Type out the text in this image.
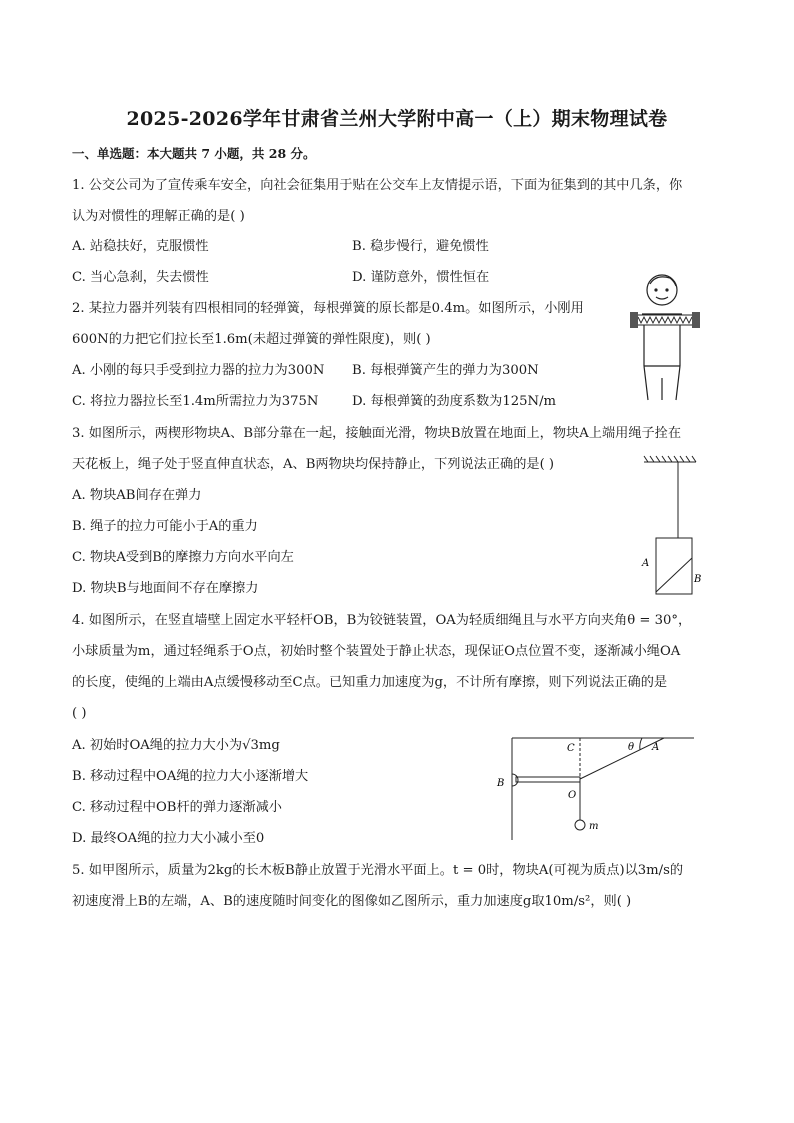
2025-2026学年甘肃省兰州大学附中高一（上）期末物理试卷
一、单选题：本大题共 7 小题，共 28 分。
1. 公交公司为了宣传乘车安全，向社会征集用于贴在公交车上友情提示语，下面为征集到的其中几条，你
认为对惯性的理解正确的是( )
A. 站稳扶好，克服惯性	B. 稳步慢行，避免惯性
C. 当心急刹，失去惯性	D. 谨防意外，惯性恒在
2. 某拉力器并列装有四根相同的轻弹簧，每根弹簧的原长都是0.4m。如图所示，小刚用
600N的力把它们拉长至1.6m(未超过弹簧的弹性限度)，则( )
A. 小刚的每只手受到拉力器的拉力为300N B. 每根弹簧产生的弹力为300N
C. 将拉力器拉长至1.4m所需拉力为375N	D. 每根弹簧的劲度系数为125N/m
3. 如图所示，两楔形物块A、B部分靠在一起，接触面光滑，物块B放置在地面上，物块A上端用绳子拴在
天花板上，绳子处于竖直伸直状态，A、B两物块均保持静止，下列说法正确的是( )
A. 物块AB间存在弹力
B. 绳子的拉力可能小于A的重力
C. 物块A受到B的摩擦力方向水平向左
D. 物块B与地面间不存在摩擦力
A
B
4. 如图所示，在竖直墙壁上固定水平轻杆OB，B为铰链装置，OA为轻质细绳且与水平方向夹角θ = 30°，
小球质量为m，通过轻绳系于O点，初始时整个装置处于静止状态，现保证O点位置不变，逐渐减小绳OA
的长度，使绳的上端由A点缓慢移动至C点。已知重力加速度为g，不计所有摩擦，则下列说法正确的是
( )
A. 初始时OA绳的拉力大小为√3mg
B. 移动过程中OA绳的拉力大小逐渐增大
C. 移动过程中OB杆的弹力逐渐减小
D. 最终OA绳的拉力大小减小至0
C	θ A
B
O
m
5. 如甲图所示，质量为2kg的长木板B静止放置于光滑水平面上。t = 0时，物块A(可视为质点)以3m/s的
初速度滑上B的左端，A、B的速度随时间变化的图像如乙图所示，重力加速度g取10m/s²，则( )
